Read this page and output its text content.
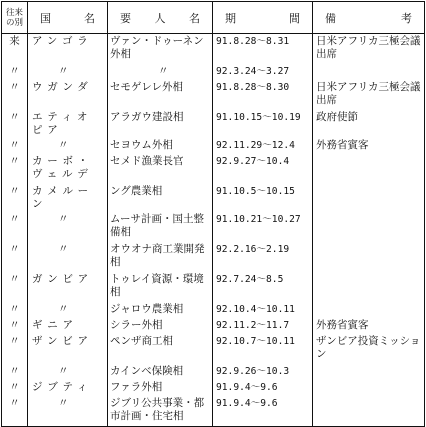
往来の別	国 名	要 人 名	期 間	備 考

来	アンゴラ	ヴァン・ドゥーネン外相	91.8.28～8.31	日米アフリカ三極会議出席
〃	〃	〃	92.3.24～3.27	
〃	ウガンダ	セモゲレレ外相	91.8.28～8.30	日米アフリカ三極会議出席
〃	エティオピア	アラガウ建設相	91.10.15～10.19	政府使節
〃	〃	セヨウム外相	92.11.29～12.4	外務省賓客
〃	カーボ・ヴェルデ	セメド漁業長官	92.9.27～10.4	
〃	カメルーン	ング農業相	91.10.5～10.15	
〃	〃	ムーサ計画・国土整備相	91.10.21～10.27	
〃	〃	オウオナ商工業開発相	92.2.16～2.19	
〃	ガンビア	トゥレイ資源・環境相	92.7.24～8.5	
〃	〃	ジャロウ農業相	92.10.4～10.11	
〃	ギニア	シラー外相	92.11.2～11.7	外務省賓客
〃	ザンビア	ペンザ商工相	92.10.7～10.11	ザンビア投資ミッション
〃	〃	カインベ保険相	92.9.26～10.3	
〃	ジブティ	ファラ外相	91.9.4～9.6	
〃	〃	ジブリ公共事業・都市計画・住宅相	91.9.4～9.6	
